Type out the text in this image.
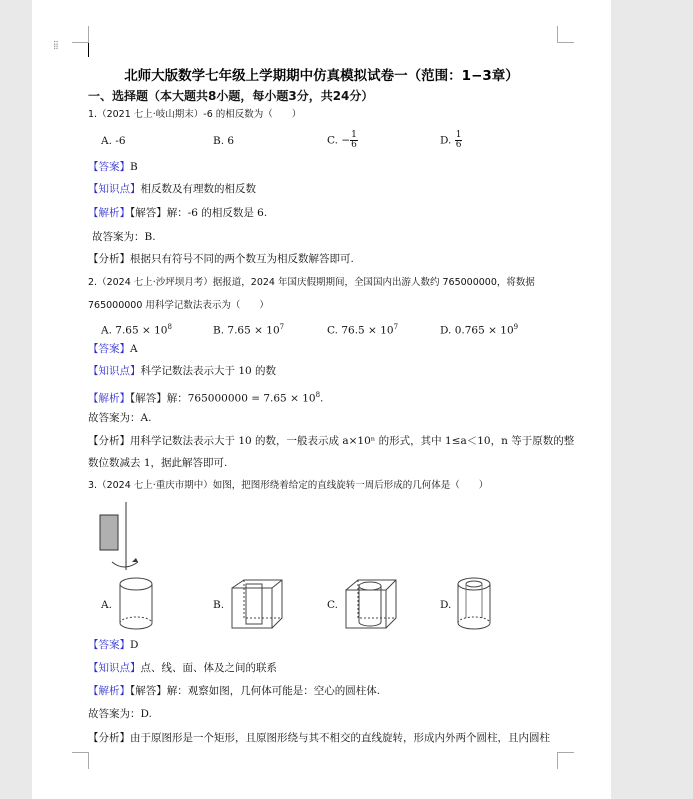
北师大版数学七年级上学期期中仿真模拟试卷一（范围：1−3章）
一、选择题（本大题共8小题，每小题3分，共24分）
1.（2021 七上·岐山期末）-6 的相反数为（　　）
A. -6	B. 6	C. − $\frac{1}{6}$	D. $\frac{1}{6}$
【答案】B
【知识点】相反数及有理数的相反数
【解析】【解答】解：-6 的相反数是 6.
故答案为：B.
【分析】根据只有符号不同的两个数互为相反数解答即可.
2.（2024 七上·沙坪坝月考）据报道，2024 年国庆假期期间，全国国内出游人数约 765000000，将数据
765000000 用科学记数法表示为（　　）
A. $7.65 \times 10^8$	B. $7.65 \times 10^7$	C. $76.5 \times 10^7$	D. $0.765 \times 10^9$
【答案】A
【知识点】科学记数法表示大于 10 的数
【解析】【解答】解：$765000000 = 7.65 \times 10^8$.
故答案为：A.
【分析】用科学记数法表示大于 10 的数，一般表示成 a×10ⁿ 的形式，其中 1≤a＜10，n 等于原数的整
数位数减去 1，据此解答即可.
3.（2024 七上·重庆市期中）如图，把图形绕着给定的直线旋转一周后形成的几何体是（　　）
A.	B.	C.	D.
【答案】D
【知识点】点、线、面、体及之间的联系
【解析】【解答】解：观察如图，几何体可能是：空心的圆柱体.
故答案为：D.
【分析】由于原图形是一个矩形，且原图形绕与其不相交的直线旋转，形成内外两个圆柱，且内圆柱
⁞⁞
